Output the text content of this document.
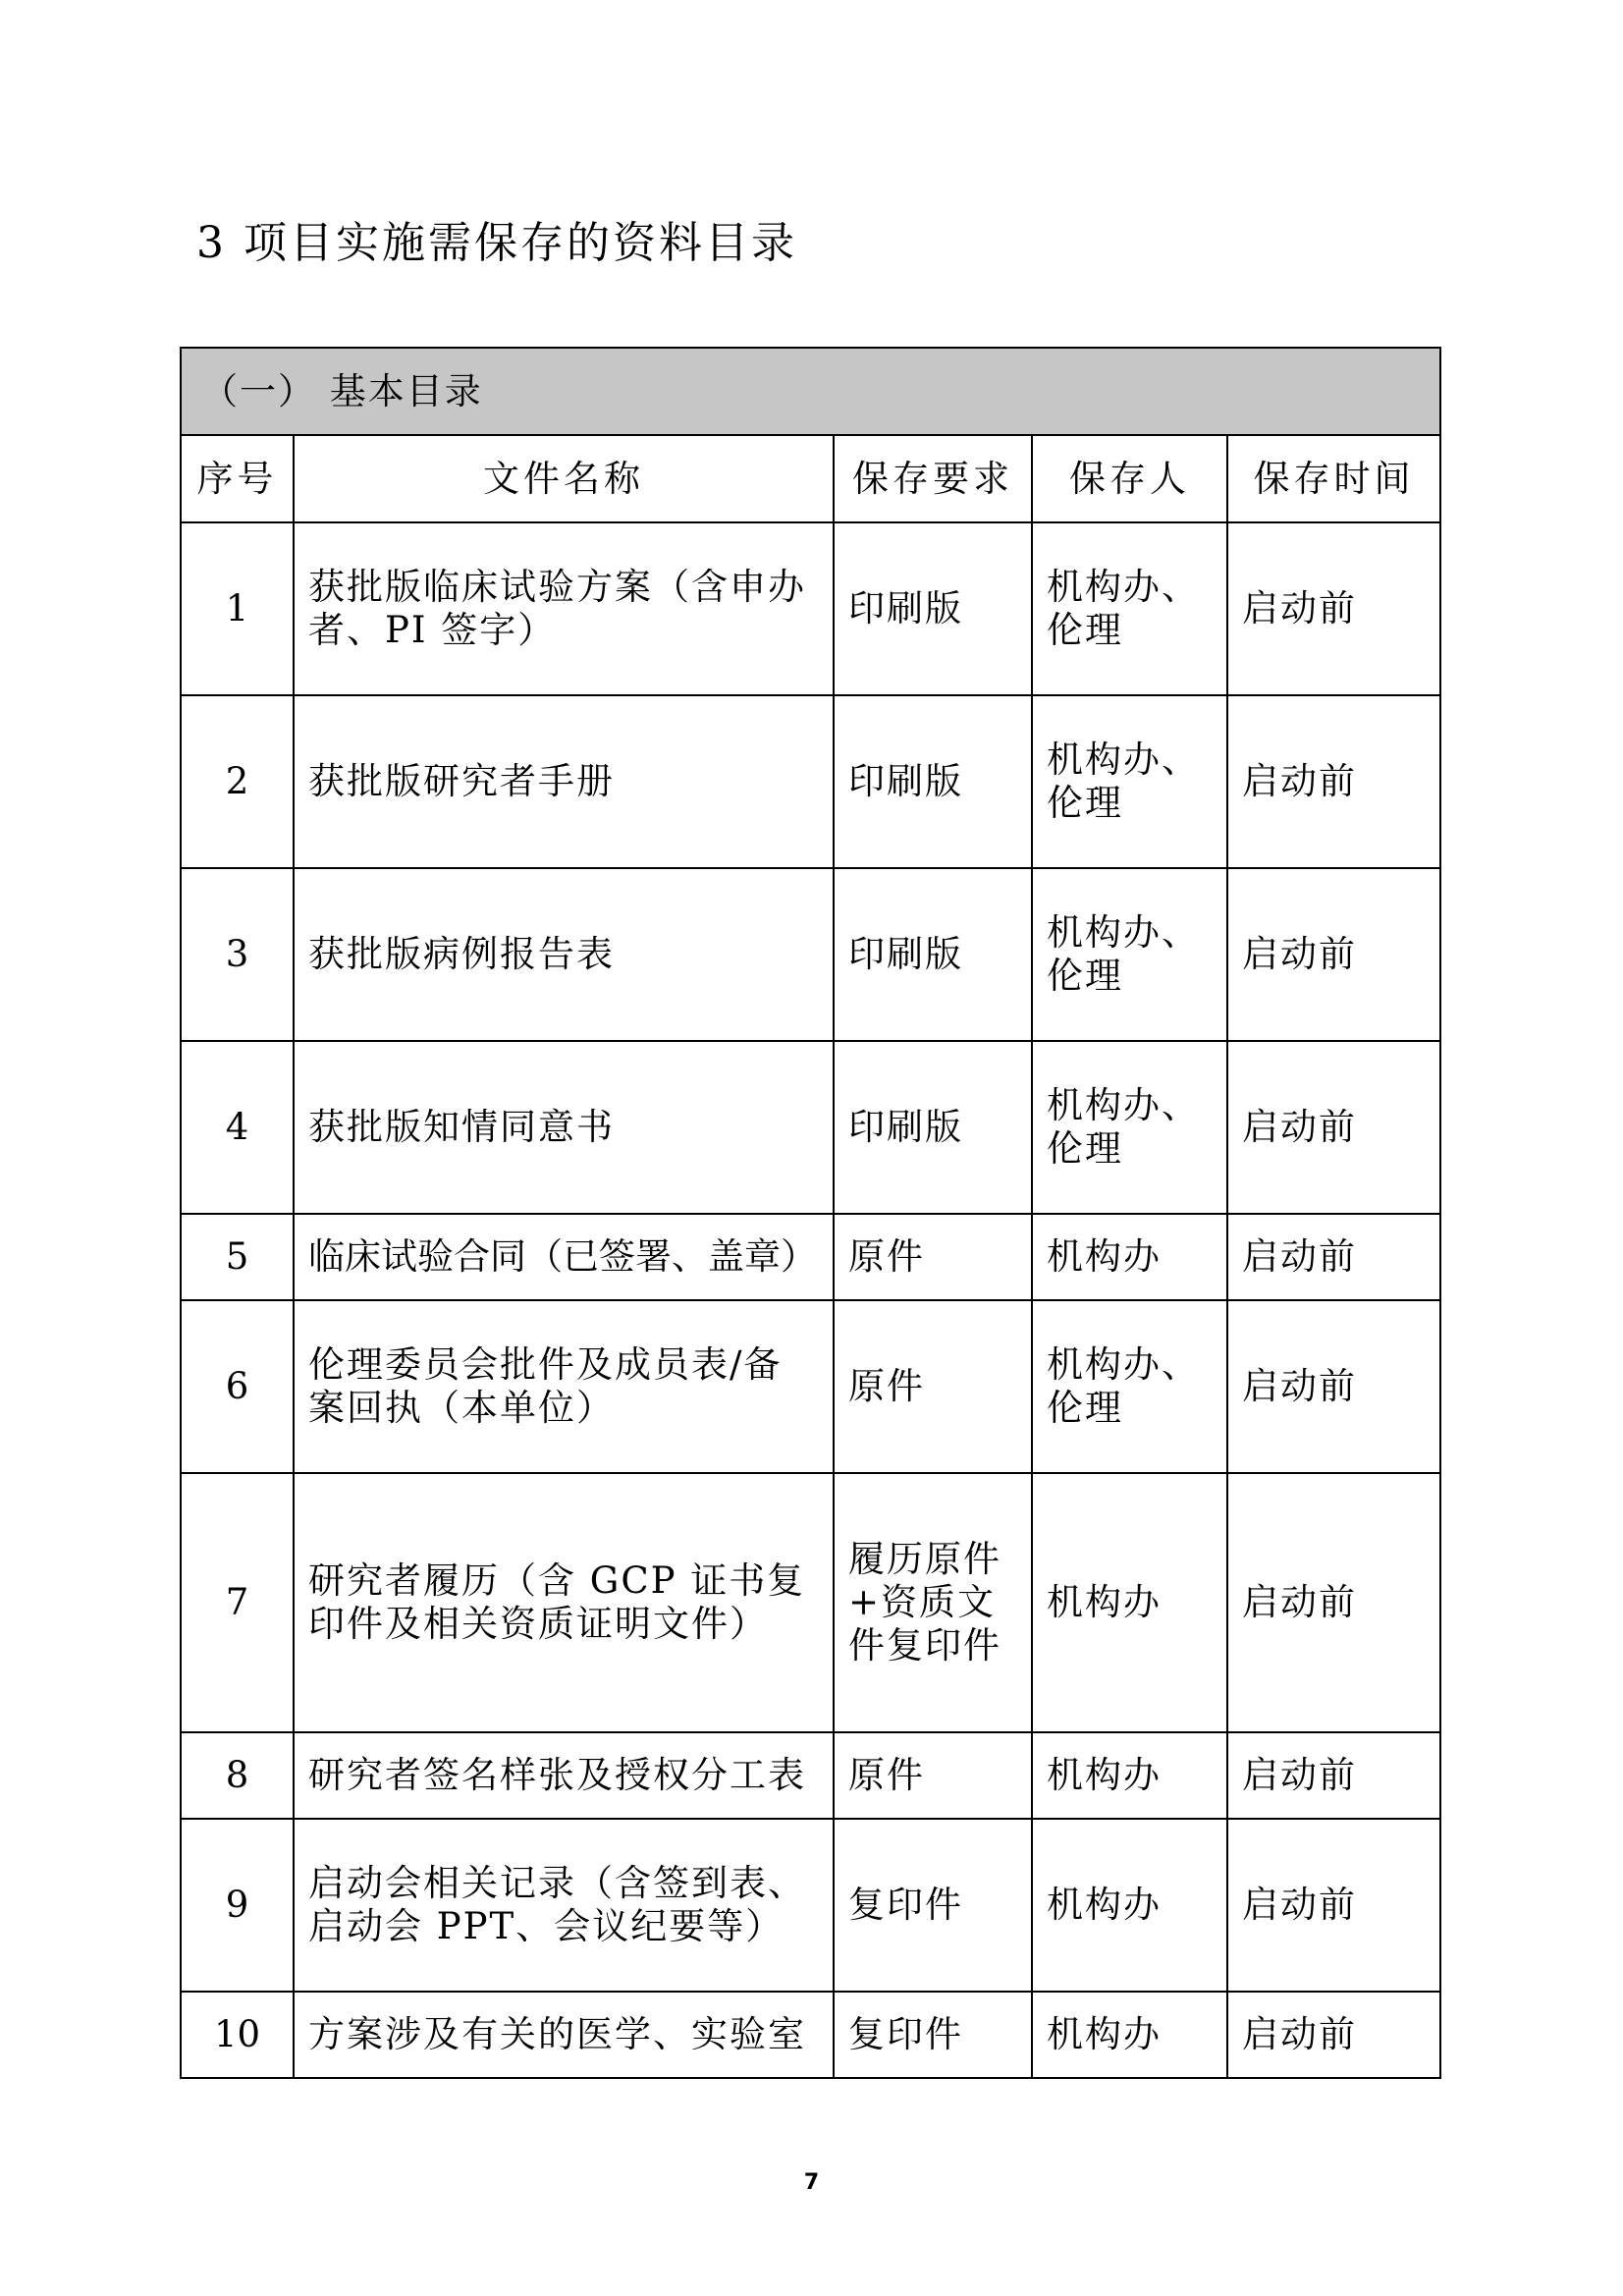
3 项目实施需保存的资料目录
（一） 基本目录				
序号	文件名称	保存要求	保存人	保存时间
1	获批版临床试验方案（含申办者、PI 签字）	印刷版	机构办、伦理	启动前
2	获批版研究者手册	印刷版	机构办、伦理	启动前
3	获批版病例报告表	印刷版	机构办、伦理	启动前
4	获批版知情同意书	印刷版	机构办、伦理	启动前
5	临床试验合同（已签署、盖章）	原件	机构办	启动前
6	伦理委员会批件及成员表/备案回执（本单位）	原件	机构办、伦理	启动前
7	研究者履历（含 GCP 证书复印件及相关资质证明文件）	履历原件+资质文件复印件	机构办	启动前
8	研究者签名样张及授权分工表	原件	机构办	启动前
9	启动会相关记录（含签到表、启动会 PPT、会议纪要等）	复印件	机构办	启动前
10	方案涉及有关的医学、实验室	复印件	机构办	启动前
7
